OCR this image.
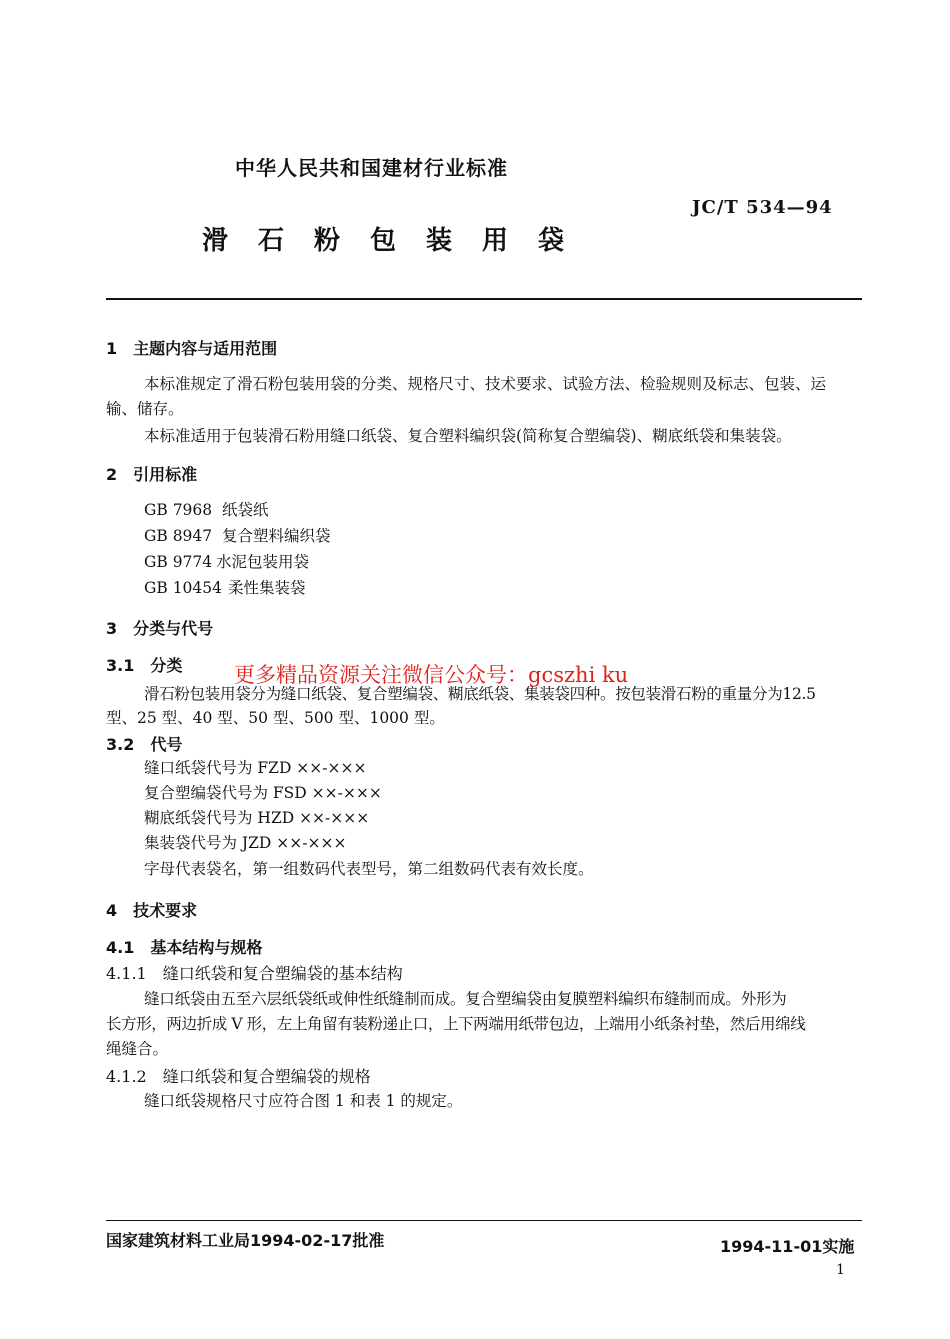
中华人民共和国建材行业标准
JC/T 534—94
滑石粉包装用袋
1　主题内容与适用范围
本标准规定了滑石粉包装用袋的分类、规格尺寸、技术要求、试验方法、检验规则及标志、包装、运
输、储存。
本标准适用于包装滑石粉用缝口纸袋、复合塑料编织袋(简称复合塑编袋)、糊底纸袋和集装袋。
2　引用标准
GB 7968 纸袋纸
GB 8947 复合塑料编织袋
GB 9774 水泥包装用袋
GB 10454 柔性集装袋
3　分类与代号
3.1　分类 更多精品资源关注微信公众号：gcszhi ku
滑石粉包装用袋分为缝口纸袋、复合塑编袋、糊底纸袋、集装袋四种。按包装滑石粉的重量分为12.5
型、25 型、40 型、50 型、500 型、1000 型。
3.2　代号
缝口纸袋代号为 FZD ××-×××
复合塑编袋代号为 FSD ××-×××
糊底纸袋代号为 HZD ××-×××
集装袋代号为 JZD ××-×××
字母代表袋名，第一组数码代表型号，第二组数码代表有效长度。
4　技术要求
4.1　基本结构与规格
4.1.1　缝口纸袋和复合塑编袋的基本结构
缝口纸袋由五至六层纸袋纸或伸性纸缝制而成。复合塑编袋由复膜塑料编织布缝制而成。外形为
长方形，两边折成 V 形，左上角留有装粉递止口，上下两端用纸带包边，上端用小纸条衬垫，然后用绵线
绳缝合。
4.1.2　缝口纸袋和复合塑编袋的规格
缝口纸袋规格尺寸应符合图 1 和表 1 的规定。
国家建筑材料工业局1994-02-17批准	1994-11-01实施
1
